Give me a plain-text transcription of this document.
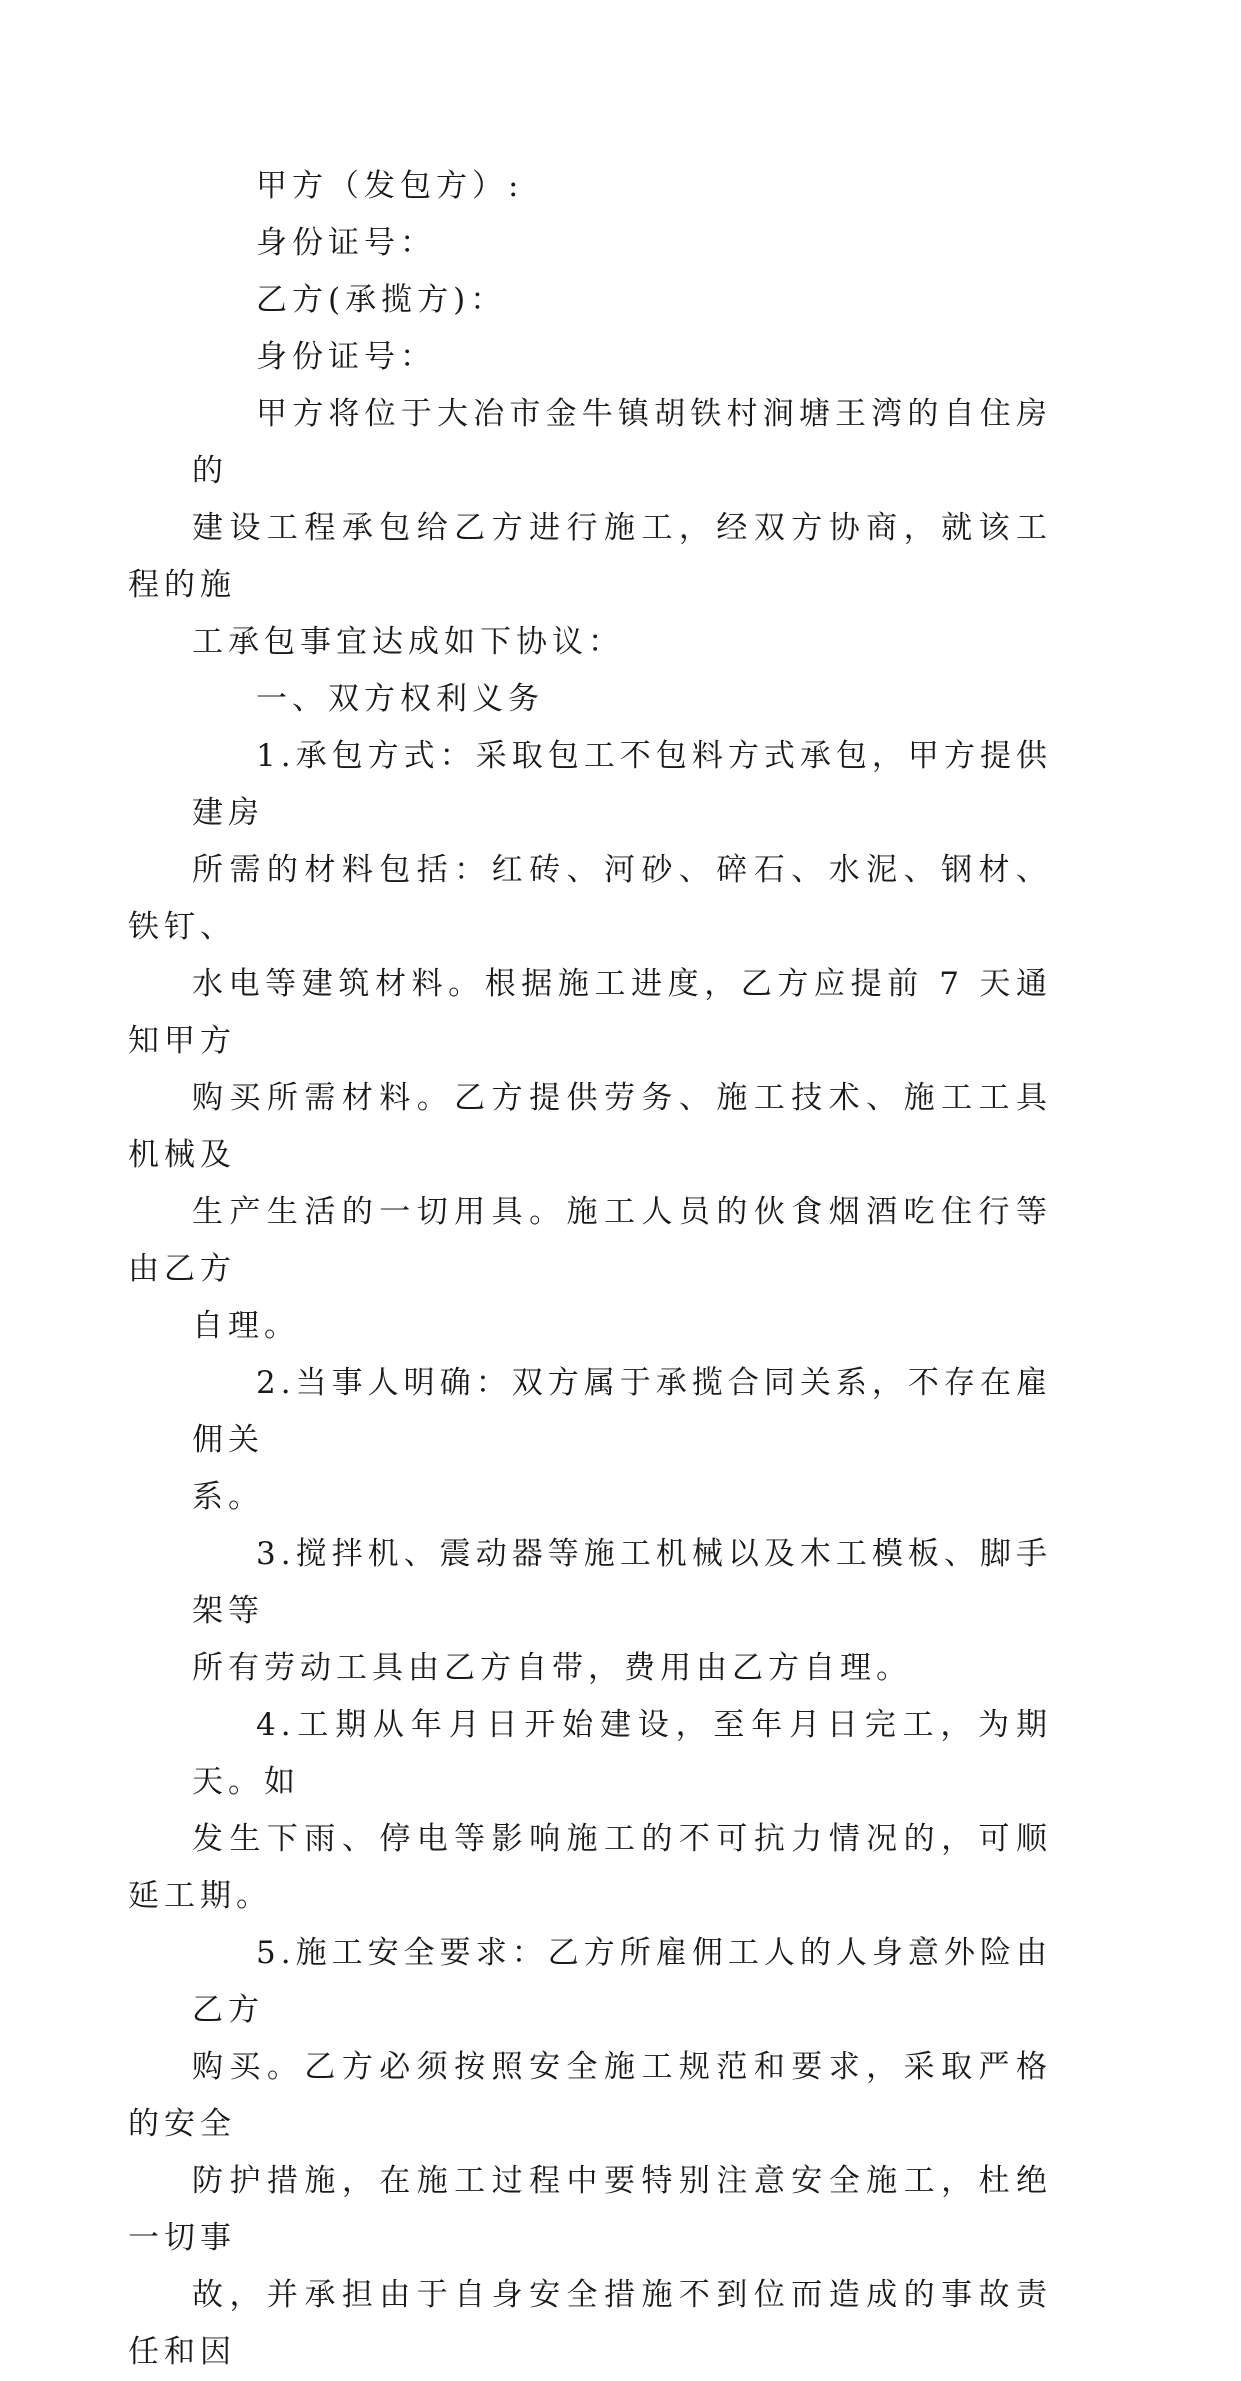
甲方（发包方）:

身份证号：

乙方(承揽方)：

身份证号：

甲方将位于大冶市金牛镇胡铁村涧塘王湾的自住房的
建设工程承包给乙方进行施工，经双方协商，就该工程的施
工承包事宜达成如下协议：

一、双方权利义务

1.承包方式：采取包工不包料方式承包，甲方提供建房
所需的材料包括：红砖、河砂、碎石、水泥、钢材、铁钉、
水电等建筑材料。根据施工进度，乙方应提前 7 天通知甲方
购买所需材料。乙方提供劳务、施工技术、施工工具机械及
生产生活的一切用具。施工人员的伙食烟酒吃住行等由乙方
自理。

2.当事人明确：双方属于承揽合同关系，不存在雇佣关
系。

3.搅拌机、震动器等施工机械以及木工模板、脚手架等
所有劳动工具由乙方自带，费用由乙方自理。

4.工期从年月日开始建设，至年月日完工，为期天。如
发生下雨、停电等影响施工的不可抗力情况的，可顺延工期。

5.施工安全要求：乙方所雇佣工人的人身意外险由乙方
购买。乙方必须按照安全施工规范和要求，采取严格的安全
防护措施，在施工过程中要特别注意安全施工，杜绝一切事
故，并承担由于自身安全措施不到位而造成的事故责任和因
